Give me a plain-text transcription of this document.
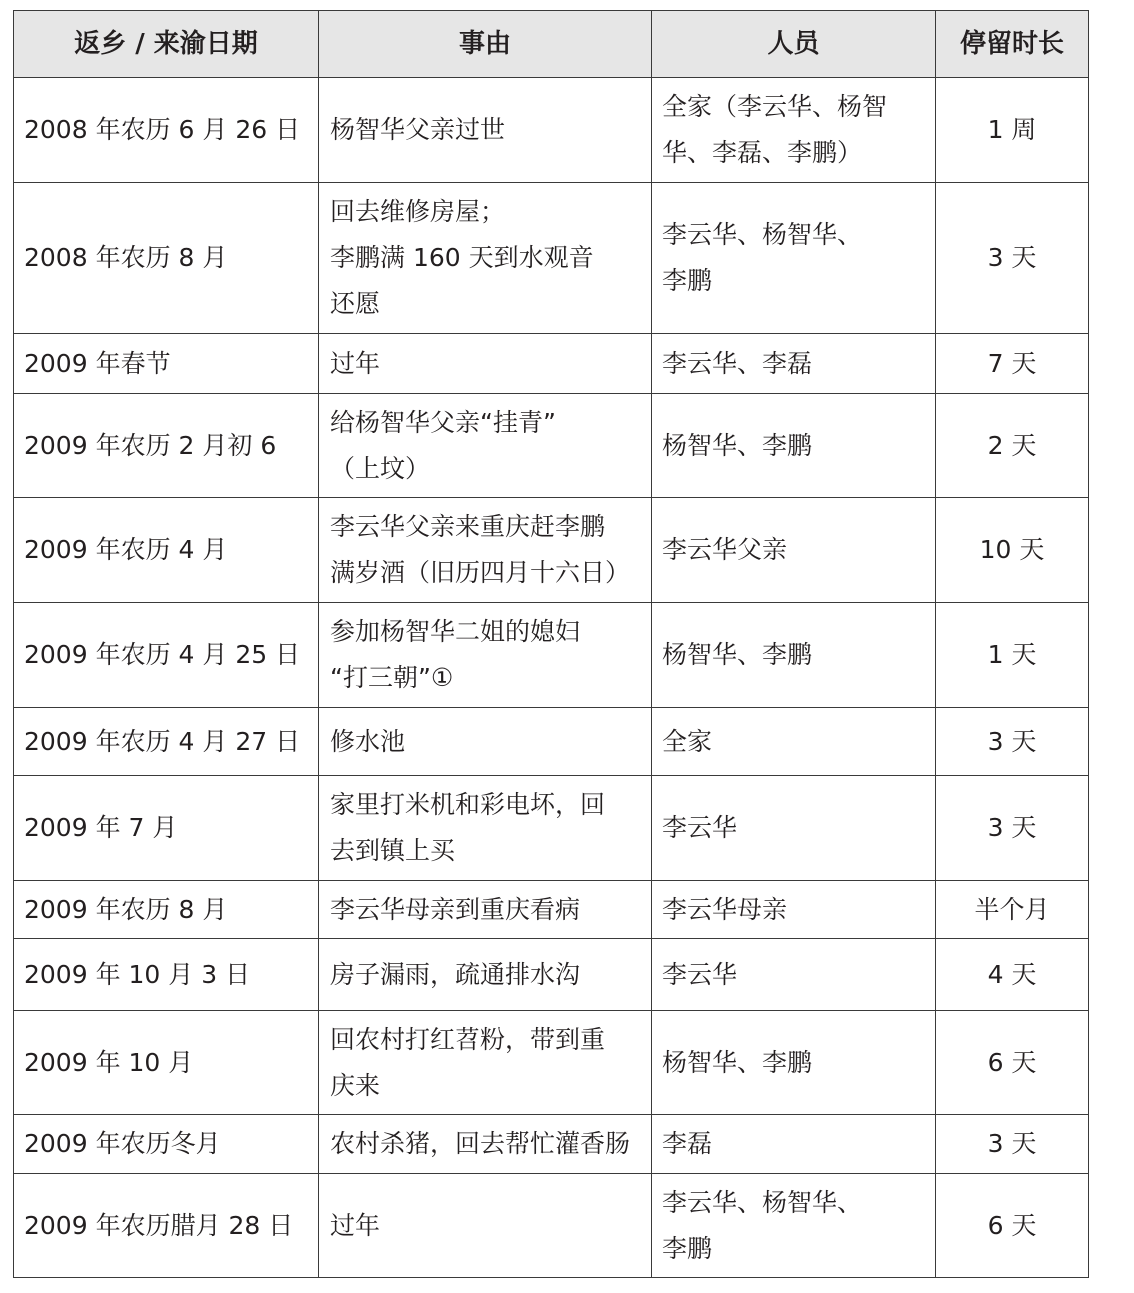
返乡 / 来渝日期	事由	人员	停留时长
2008 年农历 6 月 26 日	杨智华父亲过世	全家（李云华、杨智
华、李磊、李鹏）	1 周
2008 年农历 8 月	回去维修房屋；
李鹏满 160 天到水观音
还愿	李云华、杨智华、
李鹏	3 天
2009 年春节	过年	李云华、李磊	7 天
2009 年农历 2 月初 6	给杨智华父亲“挂青”
（上坟）	杨智华、李鹏	2 天
2009 年农历 4 月	李云华父亲来重庆赶李鹏
满岁酒（旧历四月十六日）	李云华父亲	10 天
2009 年农历 4 月 25 日	参加杨智华二姐的媳妇
“打三朝”①	杨智华、李鹏	1 天
2009 年农历 4 月 27 日	修水池	全家	3 天
2009 年 7 月	家里打米机和彩电坏，回
去到镇上买	李云华	3 天
2009 年农历 8 月	李云华母亲到重庆看病	李云华母亲	半个月
2009 年 10 月 3 日	房子漏雨，疏通排水沟	李云华	4 天
2009 年 10 月	回农村打红苕粉，带到重
庆来	杨智华、李鹏	6 天
2009 年农历冬月	农村杀猪，回去帮忙灌香肠	李磊	3 天
2009 年农历腊月 28 日	过年	李云华、杨智华、
李鹏	6 天
